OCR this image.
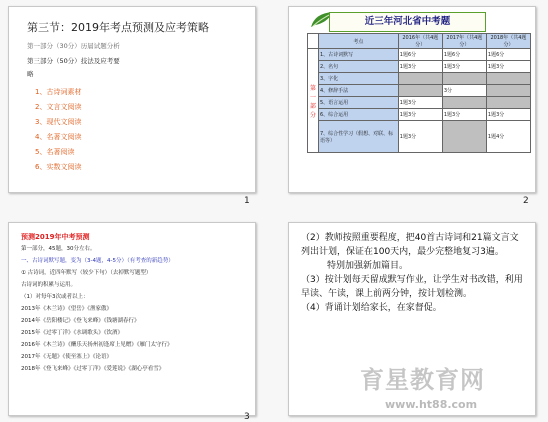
第三节：2019年考点预测及应考策略
第一部分（30分）历届试题分析
第三部分（50分）技法及应考要
略
1、古诗词素材
2、文言文阅读
3、现代文阅读
4、名著文阅读
5、名著阅读
6、实数文阅读
1
近三年河北省中考题
	考点	2016年（共4题分）	2017年（共4题分）	2018年（共4题分）
第一部分	1、古诗词默写	1题6分	1题6分	1题6分
	2、名句	1题3分	1题3分	1题3分
	3、字化			
	4、修辞手法		3分	
	5、语言运用	1题3分		
	6、综合运用	1题3分	1题3分	1题3分
	7、综合性学习（假想、对联、标语等）	1题3分		1题4分
2
预测2019年中考预测
第一部分，45题，30分左右。
一、古诗词默写题，变为（3-4题，4-5分）（有考查的新趋势）
① 古诗词，近四年默写（较少下句）（去掉默写题型）
古诗词的积累与运用。
（1）对每年3次或者以上：
2013年《木兰诗》《望岳》《渔家傲》
2014年《岳阳楼记》《登飞来峰》《钱塘湖春行》
2015年《过零丁洋》《水调歌头》《饮酒》
2016年《木兰诗》《酬乐天扬州初逢席上见赠》《雁门太守行》
2017年《无题》《使至塞上》《论语》
2018年《登飞来峰》《过零丁洋》《爱莲说》《湖心亭看雪》
3

（2）教师按照重要程度，把40首古诗词和21篇文言文列出计划，保证在100天内，最少完整地复习3遍。

特别加强新加篇目。

（3）按计划每天留成默写作业，让学生对书改错，利用早读、午读，课上前两分钟，按计划检测。

（4）背诵计划给家长，在家督促。

育星教育网
www.ht88.com
